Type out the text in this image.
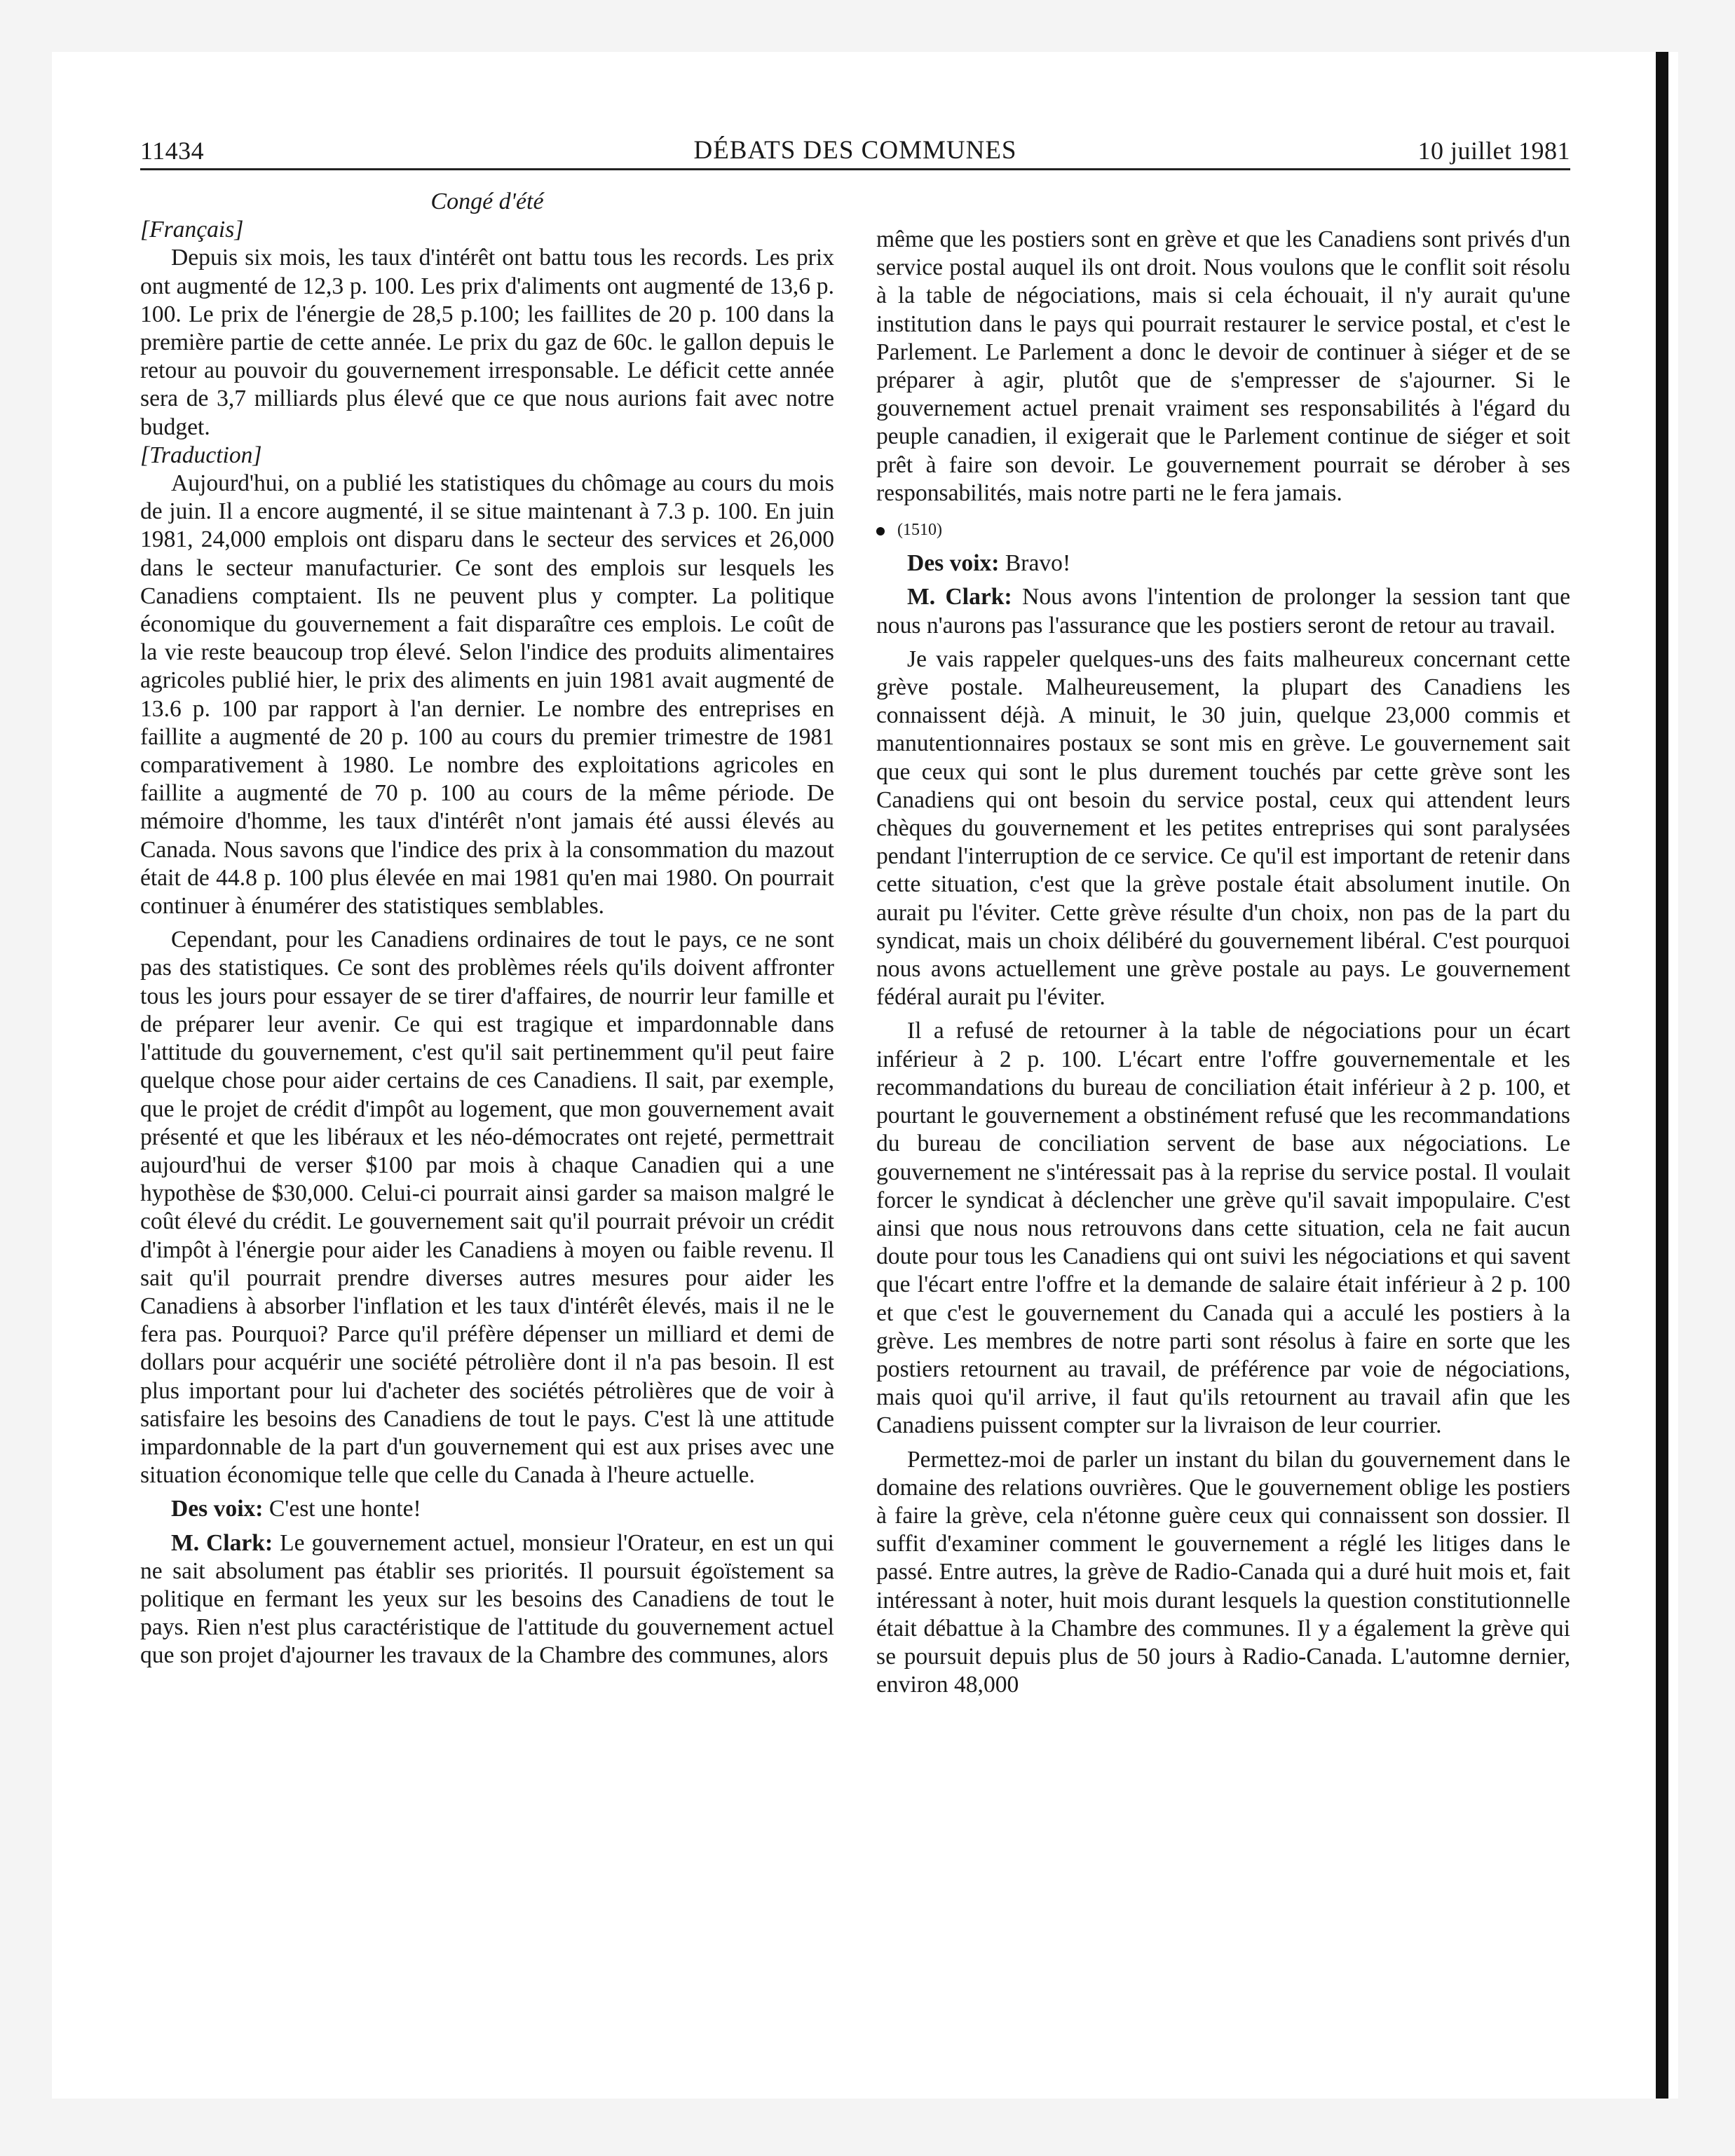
11434	DÉBATS DES COMMUNES	10 juillet 1981

Congé d'été

[Français]

Depuis six mois, les taux d'intérêt ont battu tous les records. Les prix ont augmenté de 12,3 p. 100. Les prix d'aliments ont augmenté de 13,6 p. 100. Le prix de l'énergie de 28,5 p.100; les faillites de 20 p. 100 dans la première partie de cette année. Le prix du gaz de 60c. le gallon depuis le retour au pouvoir du gouvernement irresponsable. Le déficit cette année sera de 3,7 milliards plus élevé que ce que nous aurions fait avec notre budget.

[Traduction]

Aujourd'hui, on a publié les statistiques du chômage au cours du mois de juin. Il a encore augmenté, il se situe maintenant à 7.3 p. 100. En juin 1981, 24,000 emplois ont disparu dans le secteur des services et 26,000 dans le secteur manufacturier. Ce sont des emplois sur lesquels les Canadiens comptaient. Ils ne peuvent plus y compter. La politique économique du gouvernement a fait disparaître ces emplois. Le coût de la vie reste beaucoup trop élevé. Selon l'indice des produits alimentaires agricoles publié hier, le prix des aliments en juin 1981 avait augmenté de 13.6 p. 100 par rapport à l'an dernier. Le nombre des entreprises en faillite a augmenté de 20 p. 100 au cours du premier trimestre de 1981 comparativement à 1980. Le nombre des exploitations agricoles en faillite a augmenté de 70 p. 100 au cours de la même période. De mémoire d'homme, les taux d'intérêt n'ont jamais été aussi élevés au Canada. Nous savons que l'indice des prix à la consommation du mazout était de 44.8 p. 100 plus élevée en mai 1981 qu'en mai 1980. On pourrait continuer à énumérer des statistiques semblables.

Cependant, pour les Canadiens ordinaires de tout le pays, ce ne sont pas des statistiques. Ce sont des problèmes réels qu'ils doivent affronter tous les jours pour essayer de se tirer d'affaires, de nourrir leur famille et de préparer leur avenir. Ce qui est tragique et impardonnable dans l'attitude du gouvernement, c'est qu'il sait pertinemment qu'il peut faire quelque chose pour aider certains de ces Canadiens. Il sait, par exemple, que le projet de crédit d'impôt au logement, que mon gouvernement avait présenté et que les libéraux et les néo-démocrates ont rejeté, permettrait aujourd'hui de verser $100 par mois à chaque Canadien qui a une hypothèse de $30,000. Celui-ci pourrait ainsi garder sa maison malgré le coût élevé du crédit. Le gouvernement sait qu'il pourrait prévoir un crédit d'impôt à l'énergie pour aider les Canadiens à moyen ou faible revenu. Il sait qu'il pourrait prendre diverses autres mesures pour aider les Canadiens à absorber l'inflation et les taux d'intérêt élevés, mais il ne le fera pas. Pourquoi? Parce qu'il préfère dépenser un milliard et demi de dollars pour acquérir une société pétrolière dont il n'a pas besoin. Il est plus important pour lui d'acheter des sociétés pétrolières que de voir à satisfaire les besoins des Canadiens de tout le pays. C'est là une attitude impardonnable de la part d'un gouvernement qui est aux prises avec une situation économique telle que celle du Canada à l'heure actuelle.

Des voix: C'est une honte!

M. Clark: Le gouvernement actuel, monsieur l'Orateur, en est un qui ne sait absolument pas établir ses priorités. Il poursuit égoïstement sa politique en fermant les yeux sur les besoins des Canadiens de tout le pays. Rien n'est plus caractéristique de l'attitude du gouvernement actuel que son projet d'ajourner les travaux de la Chambre des communes, alors

même que les postiers sont en grève et que les Canadiens sont privés d'un service postal auquel ils ont droit. Nous voulons que le conflit soit résolu à la table de négociations, mais si cela échouait, il n'y aurait qu'une institution dans le pays qui pourrait restaurer le service postal, et c'est le Parlement. Le Parlement a donc le devoir de continuer à siéger et de se préparer à agir, plutôt que de s'empresser de s'ajourner. Si le gouvernement actuel prenait vraiment ses responsabilités à l'égard du peuple canadien, il exigerait que le Parlement continue de siéger et soit prêt à faire son devoir. Le gouvernement pourrait se dérober à ses responsabilités, mais notre parti ne le fera jamais.

(1510)

Des voix: Bravo!

M. Clark: Nous avons l'intention de prolonger la session tant que nous n'aurons pas l'assurance que les postiers seront de retour au travail.

Je vais rappeler quelques-uns des faits malheureux concernant cette grève postale. Malheureusement, la plupart des Canadiens les connaissent déjà. A minuit, le 30 juin, quelque 23,000 commis et manutentionnaires postaux se sont mis en grève. Le gouvernement sait que ceux qui sont le plus durement touchés par cette grève sont les Canadiens qui ont besoin du service postal, ceux qui attendent leurs chèques du gouvernement et les petites entreprises qui sont paralysées pendant l'interruption de ce service. Ce qu'il est important de retenir dans cette situation, c'est que la grève postale était absolument inutile. On aurait pu l'éviter. Cette grève résulte d'un choix, non pas de la part du syndicat, mais un choix délibéré du gouvernement libéral. C'est pourquoi nous avons actuellement une grève postale au pays. Le gouvernement fédéral aurait pu l'éviter.

Il a refusé de retourner à la table de négociations pour un écart inférieur à 2 p. 100. L'écart entre l'offre gouvernementale et les recommandations du bureau de conciliation était inférieur à 2 p. 100, et pourtant le gouvernement a obstinément refusé que les recommandations du bureau de conciliation servent de base aux négociations. Le gouvernement ne s'intéressait pas à la reprise du service postal. Il voulait forcer le syndicat à déclencher une grève qu'il savait impopulaire. C'est ainsi que nous nous retrouvons dans cette situation, cela ne fait aucun doute pour tous les Canadiens qui ont suivi les négociations et qui savent que l'écart entre l'offre et la demande de salaire était inférieur à 2 p. 100 et que c'est le gouvernement du Canada qui a acculé les postiers à la grève. Les membres de notre parti sont résolus à faire en sorte que les postiers retournent au travail, de préférence par voie de négociations, mais quoi qu'il arrive, il faut qu'ils retournent au travail afin que les Canadiens puissent compter sur la livraison de leur courrier.

Permettez-moi de parler un instant du bilan du gouvernement dans le domaine des relations ouvrières. Que le gouvernement oblige les postiers à faire la grève, cela n'étonne guère ceux qui connaissent son dossier. Il suffit d'examiner comment le gouvernement a réglé les litiges dans le passé. Entre autres, la grève de Radio-Canada qui a duré huit mois et, fait intéressant à noter, huit mois durant lesquels la question constitutionnelle était débattue à la Chambre des communes. Il y a également la grève qui se poursuit depuis plus de 50 jours à Radio-Canada. L'automne dernier, environ 48,000
